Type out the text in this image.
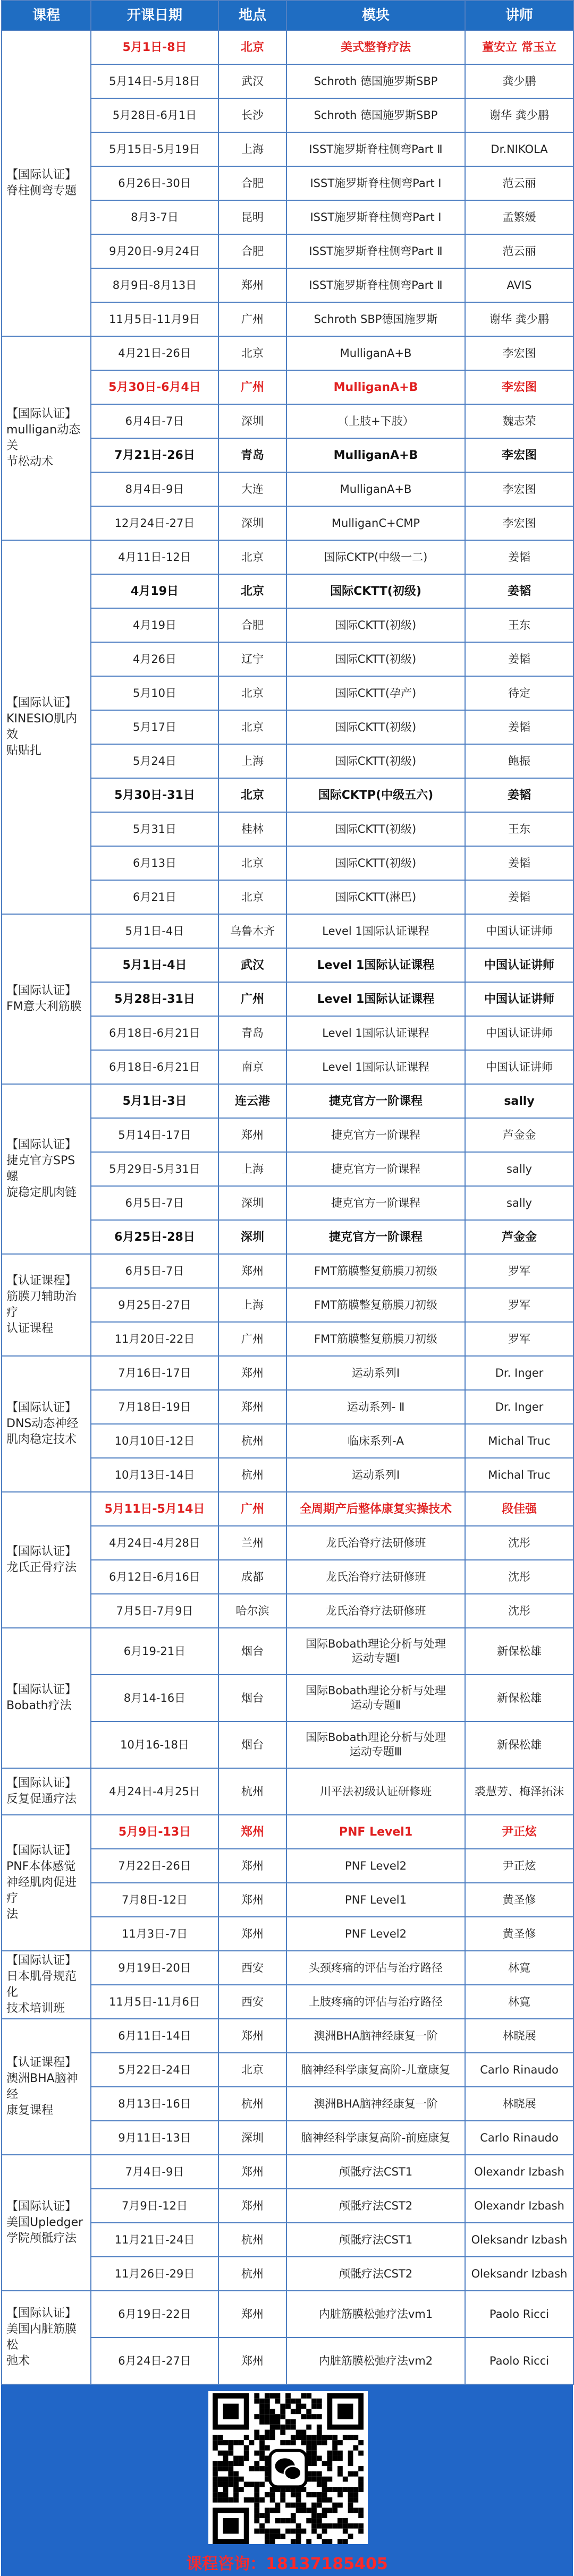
课程	开课日期	地点	模块	讲师
【国际认证】
脊柱侧弯专题	5月1日-8日	北京	美式整脊疗法	董安立 常玉立
	5月14日-5月18日	武汉	Schroth 德国施罗斯SBP	龚少鹏
	5月28日-6月1日	长沙	Schroth 德国施罗斯SBP	谢华 龚少鹏
	5月15日-5月19日	上海	ISST施罗斯脊柱侧弯Part Ⅱ	Dr.NIKOLA
	6月26日-30日	合肥	ISST施罗斯脊柱侧弯Part Ⅰ	范云丽
	8月3-7日	昆明	ISST施罗斯脊柱侧弯Part Ⅰ	孟繁媛
	9月20日-9月24日	合肥	ISST施罗斯脊柱侧弯Part Ⅱ	范云丽
	8月9日-8月13日	郑州	ISST施罗斯脊柱侧弯Part Ⅱ	AVIS
	11月5日-11月9日	广州	Schroth SBP德国施罗斯	谢华 龚少鹏
【国际认证】
mulligan动态关
节松动术	4月21日-26日	北京	MulliganA+B	李宏图
	5月30日-6月4日	广州	MulliganA+B	李宏图
	6月4日-7日	深圳	（上肢+下肢）	魏志荣
	7月21日-26日	青岛	MulliganA+B	李宏图
	8月4日-9日	大连	MulliganA+B	李宏图
	12月24日-27日	深圳	MulliganC+CMP	李宏图
【国际认证】
KINESIO肌内效
贴贴扎	4月11日-12日	北京	国际CKTP(中级一二)	姜韬
	4月19日	北京	国际CKTT(初级)	姜韬
	4月19日	合肥	国际CKTT(初级)	王东
	4月26日	辽宁	国际CKTT(初级)	姜韬
	5月10日	北京	国际CKTT(孕产)	待定
	5月17日	北京	国际CKTT(初级)	姜韬
	5月24日	上海	国际CKTT(初级)	鲍振
	5月30日-31日	北京	国际CKTP(中级五六)	姜韬
	5月31日	桂林	国际CKTT(初级)	王东
	6月13日	北京	国际CKTT(初级)	姜韬
	6月21日	北京	国际CKTT(淋巴)	姜韬
【国际认证】
FM意大利筋膜	5月1日-4日	乌鲁木齐	Level 1国际认证课程	中国认证讲师
	5月1日-4日	武汉	Level 1国际认证课程	中国认证讲师
	5月28日-31日	广州	Level 1国际认证课程	中国认证讲师
	6月18日-6月21日	青岛	Level 1国际认证课程	中国认证讲师
	6月18日-6月21日	南京	Level 1国际认证课程	中国认证讲师
【国际认证】
捷克官方SPS螺
旋稳定肌肉链	5月1日-3日	连云港	捷克官方一阶课程	sally
	5月14日-17日	郑州	捷克官方一阶课程	芦金金
	5月29日-5月31日	上海	捷克官方一阶课程	sally
	6月5日-7日	深圳	捷克官方一阶课程	sally
	6月25日-28日	深圳	捷克官方一阶课程	芦金金
【认证课程】
筋膜刀辅助治疗
认证课程	6月5日-7日	郑州	FMT筋膜整复筋膜刀初级	罗军
	9月25日-27日	上海	FMT筋膜整复筋膜刀初级	罗军
	11月20日-22日	广州	FMT筋膜整复筋膜刀初级	罗军
【国际认证】
DNS动态神经
肌肉稳定技术	7月16日-17日	郑州	运动系列Ⅰ	Dr. Inger
	7月18日-19日	郑州	运动系列- Ⅱ	Dr. Inger
	10月10日-12日	杭州	临床系列-A	Michal Truc
	10月13日-14日	杭州	运动系列Ⅰ	Michal Truc
【国际认证】
龙氏正骨疗法	5月11日-5月14日	广州	全周期产后整体康复实操技术	段佳强
	4月24日-4月28日	兰州	龙氏治脊疗法研修班	沈彤
	6月12日-6月16日	成都	龙氏治脊疗法研修班	沈彤
	7月5日-7月9日	哈尔滨	龙氏治脊疗法研修班	沈彤
【国际认证】
Bobath疗法	6月19-21日	烟台	国际Bobath理论分析与处理
运动专题Ⅰ	新保松雄
	8月14-16日	烟台	国际Bobath理论分析与处理
运动专题Ⅱ	新保松雄
	10月16-18日	烟台	国际Bobath理论分析与处理
运动专题Ⅲ	新保松雄
【国际认证】
反复促通疗法	4月24日-4月25日	杭州	川平法初级认证研修班	裘慧芳、梅泽拓沫
【国际认证】
PNF本体感觉
神经肌肉促进疗
法	5月9日-13日	郑州	PNF Level1	尹正炫
	7月22日-26日	郑州	PNF Level2	尹正炫
	7月8日-12日	郑州	PNF Level1	黄圣修
	11月3日-7日	郑州	PNF Level2	黄圣修
【国际认证】
日本肌骨规范化
技术培训班	9月19日-20日	西安	头颈疼痛的评估与治疗路径	林寛
	11月5日-11月6日	西安	上肢疼痛的评估与治疗路径	林寛
【认证课程】
澳洲BHA脑神经
康复课程	6月11日-14日	郑州	澳洲BHA脑神经康复一阶	林晓展
	5月22日-24日	北京	脑神经科学康复高阶-儿童康复	Carlo Rinaudo
	8月13日-16日	杭州	澳洲BHA脑神经康复一阶	林晓展
	9月11日-13日	深圳	脑神经科学康复高阶-前庭康复	Carlo Rinaudo
【国际认证】
美国Upledger
学院颅骶疗法	7月4日-9日	郑州	颅骶疗法CST1	Olexandr Izbash
	7月9日-12日	郑州	颅骶疗法CST2	Olexandr Izbash
	11月21日-24日	杭州	颅骶疗法CST1	Oleksandr Izbash
	11月26日-29日	杭州	颅骶疗法CST2	Oleksandr Izbash
【国际认证】
美国内脏筋膜松
弛术	6月19日-22日	郑州	内脏筋膜松弛疗法vm1	Paolo Ricci
	6月24日-27日	郑州	内脏筋膜松弛疗法vm2	Paolo Ricci
课程咨询：18137185405
